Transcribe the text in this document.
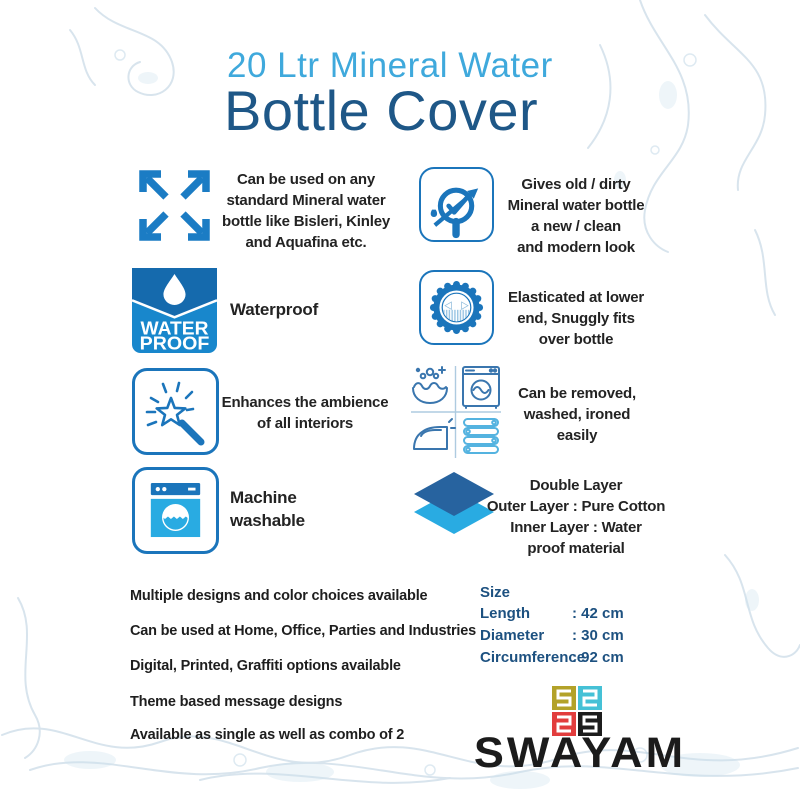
20 Ltr Mineral Water
Bottle Cover
Can be used on any
standard Mineral water
bottle like Bisleri, Kinley
and Aquafina etc.
WATER
PROOF
Waterproof
Enhances the ambience
of all interiors
Machine
washable
Gives old / dirty
Mineral water bottle
a new / clean
and modern look
Elasticated at lower
end, Snuggly fits
over bottle
Can be removed,
washed, ironed
easily
Double Layer
Outer Layer : Pure Cotton
Inner Layer : Water
proof material
Multiple designs and color choices available
Can be used at Home, Office, Parties and Industries
Digital, Printed, Graffiti options available
Theme based message designs
Available as single as well as combo of 2
Size
Length	: 42 cm
Diameter : 30 cm
Circumference: 92 cm
SWAYAM
